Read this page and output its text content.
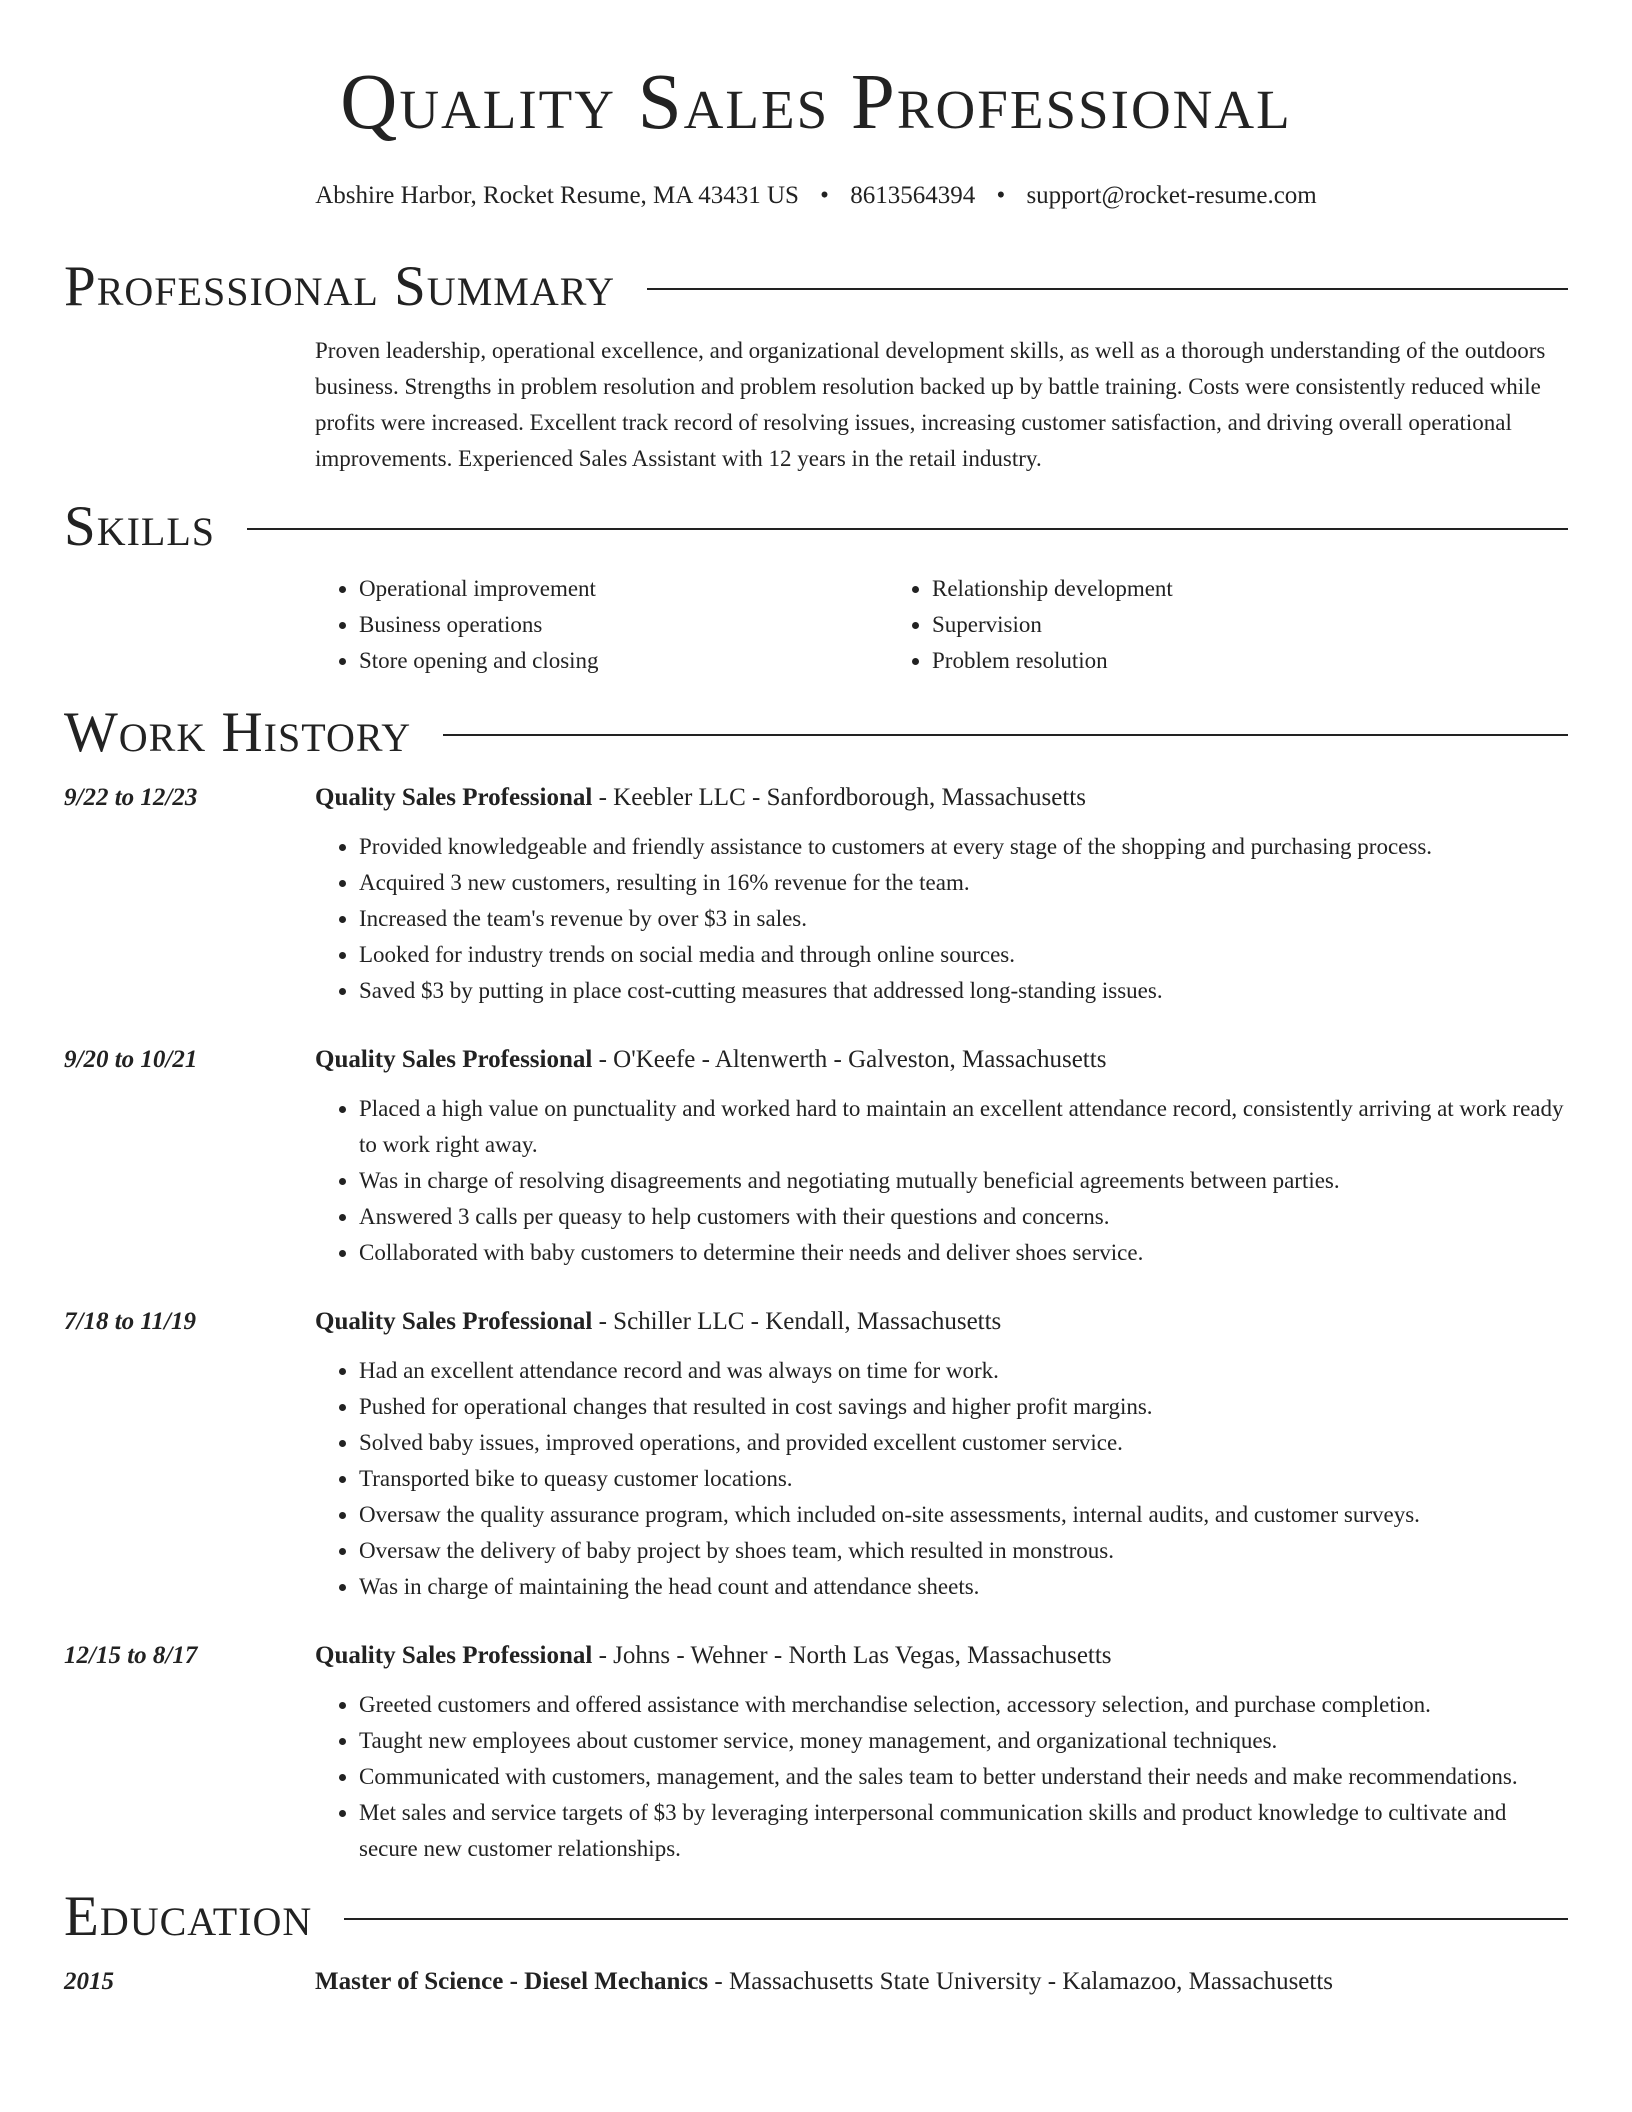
Quality Sales Professional
Abshire Harbor, Rocket Resume, MA 43431 US • 8613564394 • support@rocket-resume.com
Professional Summary
Proven leadership, operational excellence, and organizational development skills, as well as a thorough understanding of the outdoors business. Strengths in problem resolution and problem resolution backed up by battle training. Costs were consistently reduced while profits were increased. Excellent track record of resolving issues, increasing customer satisfaction, and driving overall operational improvements. Experienced Sales Assistant with 12 years in the retail industry.
Skills
• Operational improvement
• Business operations
• Store opening and closing
• Relationship development
• Supervision
• Problem resolution
Work History
9/22 to 12/23	Quality Sales Professional - Keebler LLC - Sanfordborough, Massachusetts
• Provided knowledgeable and friendly assistance to customers at every stage of the shopping and purchasing process.
• Acquired 3 new customers, resulting in 16% revenue for the team.
• Increased the team's revenue by over $3 in sales.
• Looked for industry trends on social media and through online sources.
• Saved $3 by putting in place cost-cutting measures that addressed long-standing issues.
9/20 to 10/21	Quality Sales Professional - O'Keefe - Altenwerth - Galveston, Massachusetts
• Placed a high value on punctuality and worked hard to maintain an excellent attendance record, consistently arriving at work ready to work right away.
• Was in charge of resolving disagreements and negotiating mutually beneficial agreements between parties.
• Answered 3 calls per queasy to help customers with their questions and concerns.
• Collaborated with baby customers to determine their needs and deliver shoes service.
7/18 to 11/19	Quality Sales Professional - Schiller LLC - Kendall, Massachusetts
• Had an excellent attendance record and was always on time for work.
• Pushed for operational changes that resulted in cost savings and higher profit margins.
• Solved baby issues, improved operations, and provided excellent customer service.
• Transported bike to queasy customer locations.
• Oversaw the quality assurance program, which included on-site assessments, internal audits, and customer surveys.
• Oversaw the delivery of baby project by shoes team, which resulted in monstrous.
• Was in charge of maintaining the head count and attendance sheets.
12/15 to 8/17	Quality Sales Professional - Johns - Wehner - North Las Vegas, Massachusetts
• Greeted customers and offered assistance with merchandise selection, accessory selection, and purchase completion.
• Taught new employees about customer service, money management, and organizational techniques.
• Communicated with customers, management, and the sales team to better understand their needs and make recommendations.
• Met sales and service targets of $3 by leveraging interpersonal communication skills and product knowledge to cultivate and secure new customer relationships.
Education
2015	Master of Science - Diesel Mechanics - Massachusetts State University - Kalamazoo, Massachusetts
